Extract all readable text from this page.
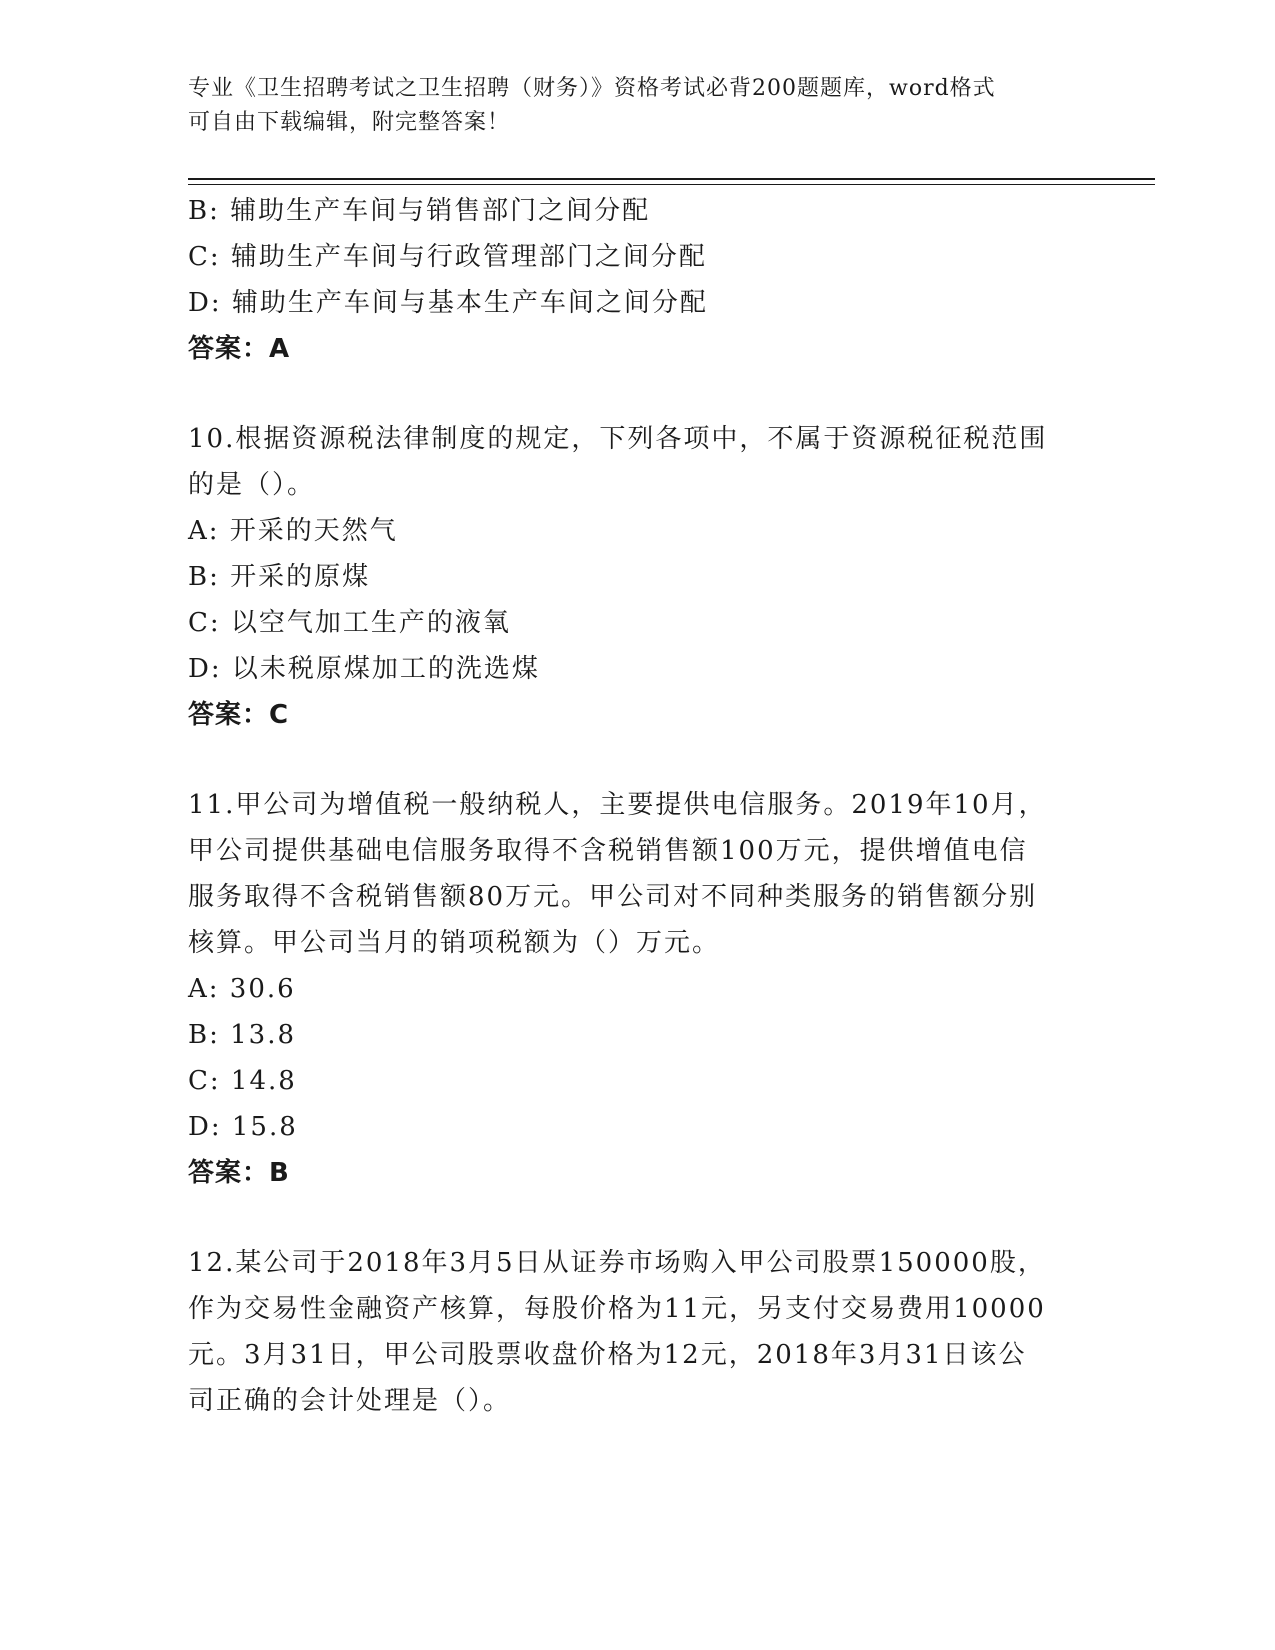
专业《卫生招聘考试之卫生招聘（财务）》资格考试必背200题题库，word格式
可自由下载编辑，附完整答案！
B: 辅助生产车间与销售部门之间分配
C: 辅助生产车间与行政管理部门之间分配
D: 辅助生产车间与基本生产车间之间分配
答案：A
10.根据资源税法律制度的规定，下列各项中，不属于资源税征税范围
的是（）。
A: 开采的天然气
B: 开采的原煤
C: 以空气加工生产的液氧
D: 以未税原煤加工的洗选煤
答案：C
11.甲公司为增值税一般纳税人，主要提供电信服务。2019年10月，
甲公司提供基础电信服务取得不含税销售额100万元，提供增值电信
服务取得不含税销售额80万元。甲公司对不同种类服务的销售额分别
核算。甲公司当月的销项税额为（）万元。
A: 30.6
B: 13.8
C: 14.8
D: 15.8
答案：B
12.某公司于2018年3月5日从证券市场购入甲公司股票150000股，
作为交易性金融资产核算，每股价格为11元，另支付交易费用10000
元。3月31日，甲公司股票收盘价格为12元，2018年3月31日该公
司正确的会计处理是（）。
